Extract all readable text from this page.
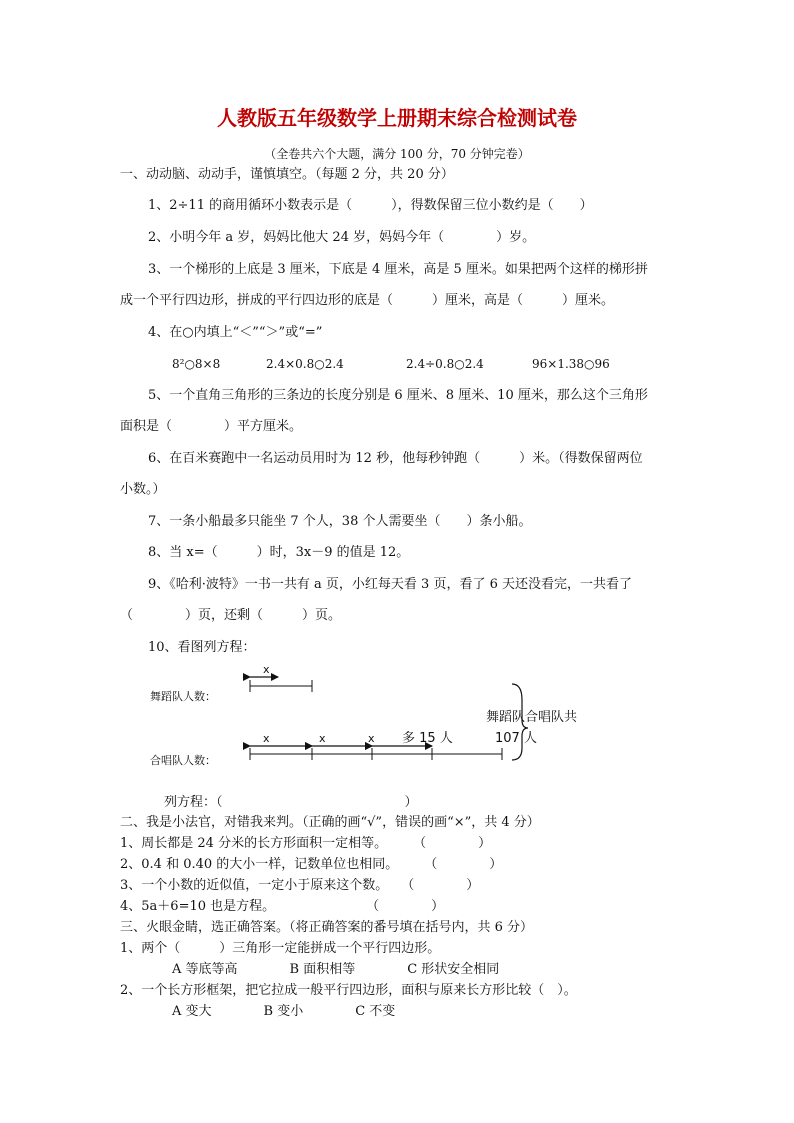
人教版五年级数学上册期末综合检测试卷
（全卷共六个大题，满分 100 分，70 分钟完卷）
一、动动脑、动动手，谨慎填空。（每题 2 分，共 20 分）
1、2÷11 的商用循环小数表示是（　　　），得数保留三位小数约是（　　）
2、小明今年 a 岁，妈妈比他大 24 岁，妈妈今年（　　　　）岁。
3、一个梯形的上底是 3 厘米，下底是 4 厘米，高是 5 厘米。如果把两个这样的梯形拼
成一个平行四边形，拼成的平行四边形的底是（　　　）厘米，高是（　　　）厘米。
4、在○内填上“＜”“＞”或“=”
8²○8×8	2.4×0.8○2.4	2.4÷0.8○2.4	96×1.38○96
5、一个直角三角形的三条边的长度分别是 6 厘米、8 厘米、10 厘米，那么这个三角形
面积是（　　　　）平方厘米。
6、在百米赛跑中一名运动员用时为 12 秒，他每秒钟跑（　　　）米。（得数保留两位
小数。）
7、一条小船最多只能坐 7 个人，38 个人需要坐（　　）条小船。
8、当 x=（　　　）时，3x－9 的值是 12。
9、《哈利·波特》一书一共有 a 页，小红每天看 3 页，看了 6 天还没看完，一共看了
（　　　　）页，还剩（　　　）页。
10、看图列方程：
舞蹈队人数：
x
合唱队人数：
x	x	x 多 15 人
舞蹈队合唱队共
107 人
列方程：（　　　　　　　　　　　　　　）
二、我是小法官，对错我来判。（正确的画“√”，错误的画“×”，共 4 分）
1、周长都是 24 分米的长方形面积一定相等。　　　（　　　　）
2、0.4 和 0.40 的大小一样，记数单位也相同。　　　（　　　　）
3、一个小数的近似值，一定小于原来这个数。　　（　　　　）
4、5a＋6=10 也是方程。　　　　　　　　（　　　　）
三、火眼金睛，选正确答案。（将正确答案的番号填在括号内，共 6 分）
1、两个（　　　）三角形一定能拼成一个平行四边形。
A 等底等高　　　　B 面积相等　　　　C 形状安全相同
2、一个长方形框架，把它拉成一般平行四边形，面积与原来长方形比较（　）。
A 变大　　　　B 变小　　　　C 不变
